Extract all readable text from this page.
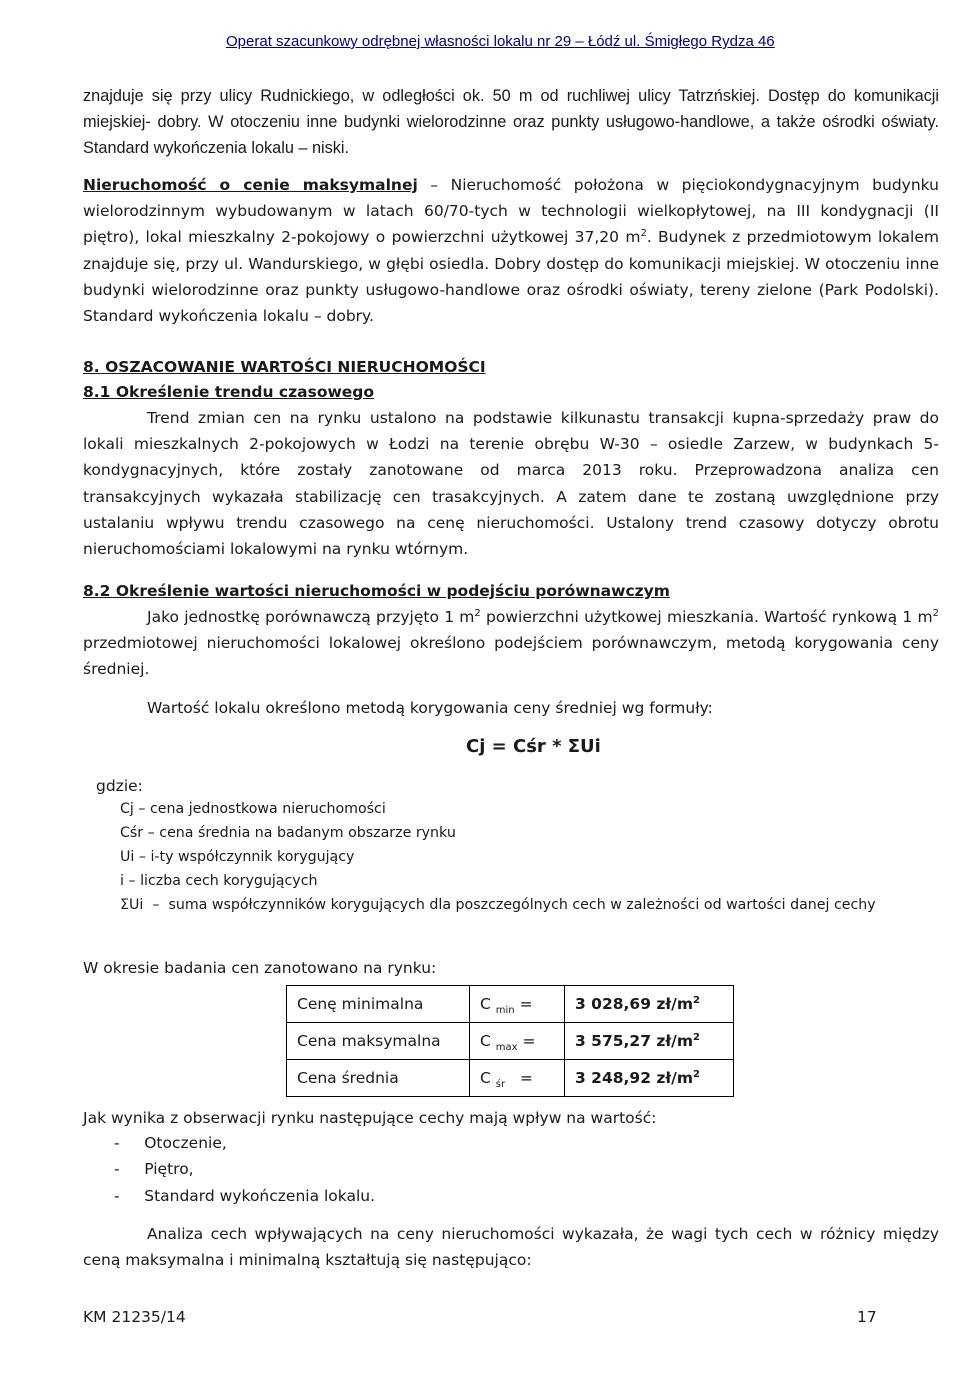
Operat szacunkowy odrębnej własności lokalu nr 29 – Łódź ul. Śmigłego Rydza 46
znajduje się przy ulicy Rudnickiego, w odległości ok. 50 m od ruchliwej ulicy Tatrzńskiej. Dostęp do komunikacji miejskiej- dobry. W otoczeniu inne budynki wielorodzinne oraz punkty usługowo-handlowe, a także ośrodki oświaty. Standard wykończenia lokalu – niski.
Nieruchomość o cenie maksymalnej – Nieruchomość położona w pięciokondygnacyjnym budynku wielorodzinnym wybudowanym w latach 60/70-tych w technologii wielkopłytowej, na III kondygnacji (II piętro), lokal mieszkalny 2-pokojowy o powierzchni użytkowej 37,20 $m^2$. Budynek z przedmiotowym lokalem znajduje się, przy ul. Wandurskiego, w głębi osiedla. Dobry dostęp do komunikacji miejskiej. W otoczeniu inne budynki wielorodzinne oraz punkty usługowo-handlowe oraz ośrodki oświaty, tereny zielone (Park Podolski). Standard wykończenia lokalu – dobry.
8. OSZACOWANIE WARTOŚCI NIERUCHOMOŚCI
8.1 Określenie trendu czasowego
Trend zmian cen na rynku ustalono na podstawie kilkunastu transakcji kupna-sprzedaży praw do lokali mieszkalnych 2-pokojowych w Łodzi na terenie obrębu W-30 – osiedle Zarzew, w budynkach 5-kondygnacyjnych, które zostały zanotowane od marca 2013 roku. Przeprowadzona analiza cen transakcyjnych wykazała stabilizację cen trasakcyjnych. A zatem dane te zostaną uwzględnione przy ustalaniu wpływu trendu czasowego na cenę nieruchomości. Ustalony trend czasowy dotyczy obrotu nieruchomościami lokalowymi na rynku wtórnym.
8.2 Określenie wartości nieruchomości w podejściu porównawczym
Jako jednostkę porównawczą przyjęto 1 $m^2$ powierzchni użytkowej mieszkania. Wartość rynkową 1 $m^2$ przedmiotowej nieruchomości lokalowej określono podejściem porównawczym, metodą korygowania ceny średniej.
Wartość lokalu określono metodą korygowania ceny średniej wg formuły:
Cj = Cśr * ΣUi
gdzie:
Cj – cena jednostkowa nieruchomości
Cśr – cena średnia na badanym obszarze rynku
Ui – i-ty współczynnik korygujący
i – liczba cech korygujących
ΣUi – suma współczynników korygujących dla poszczególnych cech w zależności od wartości danej cechy
W okresie badania cen zanotowano na rynku:
Cenę minimalna	C $_{min}$ =	3 028,69 $zł/m^2$
Cena maksymalna	C $_{max}$ =	3 575,27 $zł/m^2$
Cena średnia	C $_{śr}$ =	3 248,92 $zł/m^2$
Jak wynika z obserwacji rynku następujące cechy mają wpływ na wartość:
- Otoczenie,
- Piętro,
- Standard wykończenia lokalu.
Analiza cech wpływających na ceny nieruchomości wykazała, że wagi tych cech w różnicy między ceną maksymalna i minimalną kształtują się następująco:
KM 21235/14	17
